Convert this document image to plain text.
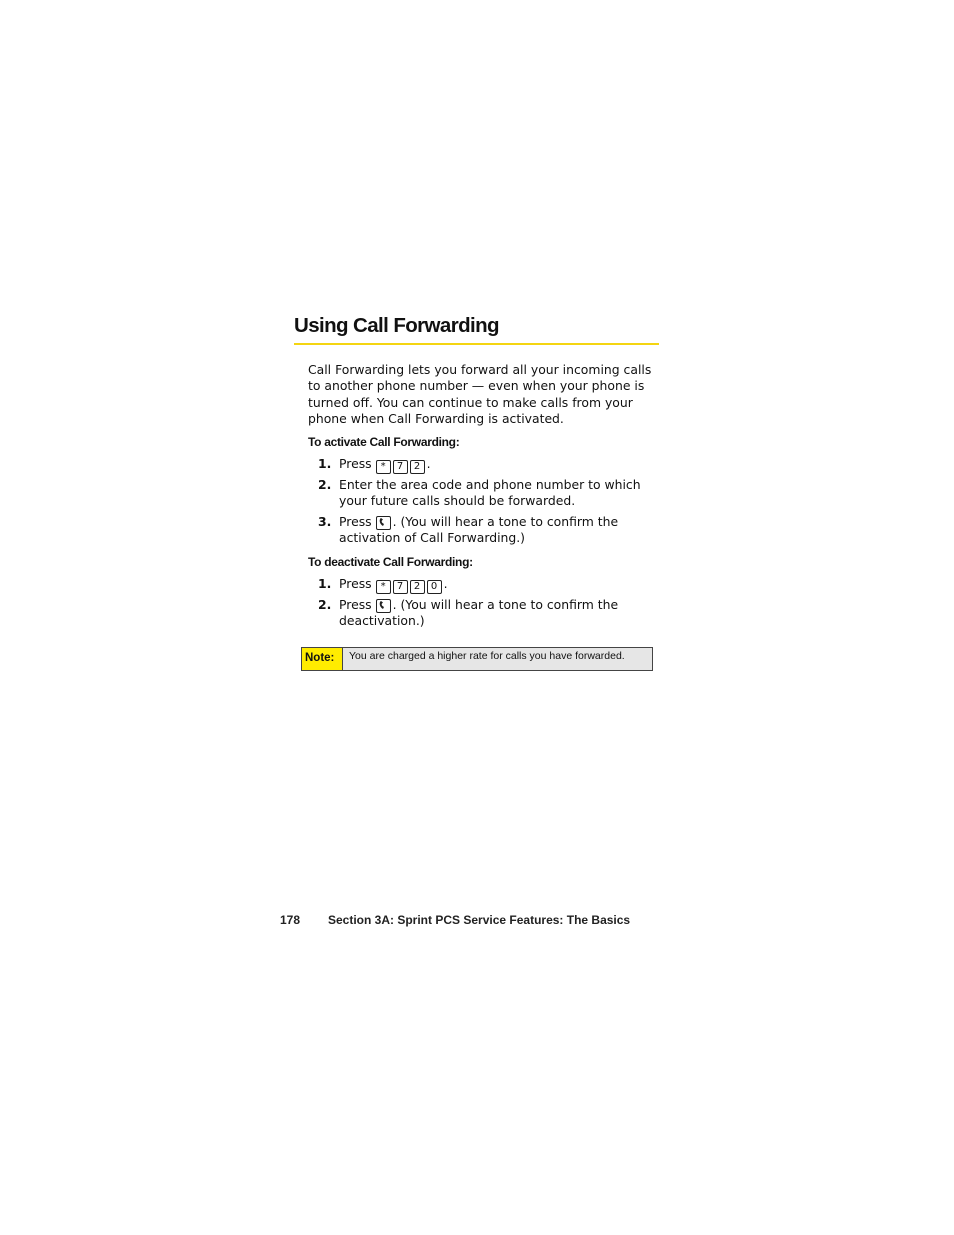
Using Call Forwarding

Call Forwarding lets you forward all your incoming calls to another phone number — even when your phone is turned off. You can continue to make calls from your phone when Call Forwarding is activated.

To activate Call Forwarding:

1. Press * 7 2 .
2. Enter the area code and phone number to which your future calls should be forwarded.
3. Press . (You will hear a tone to confirm the activation of Call Forwarding.)

To deactivate Call Forwarding:

1. Press * 7 2 0 .
2. Press . (You will hear a tone to confirm the deactivation.)
Note:	You are charged a higher rate for calls you have forwarded.
178 Section 3A: Sprint PCS Service Features: The Basics
